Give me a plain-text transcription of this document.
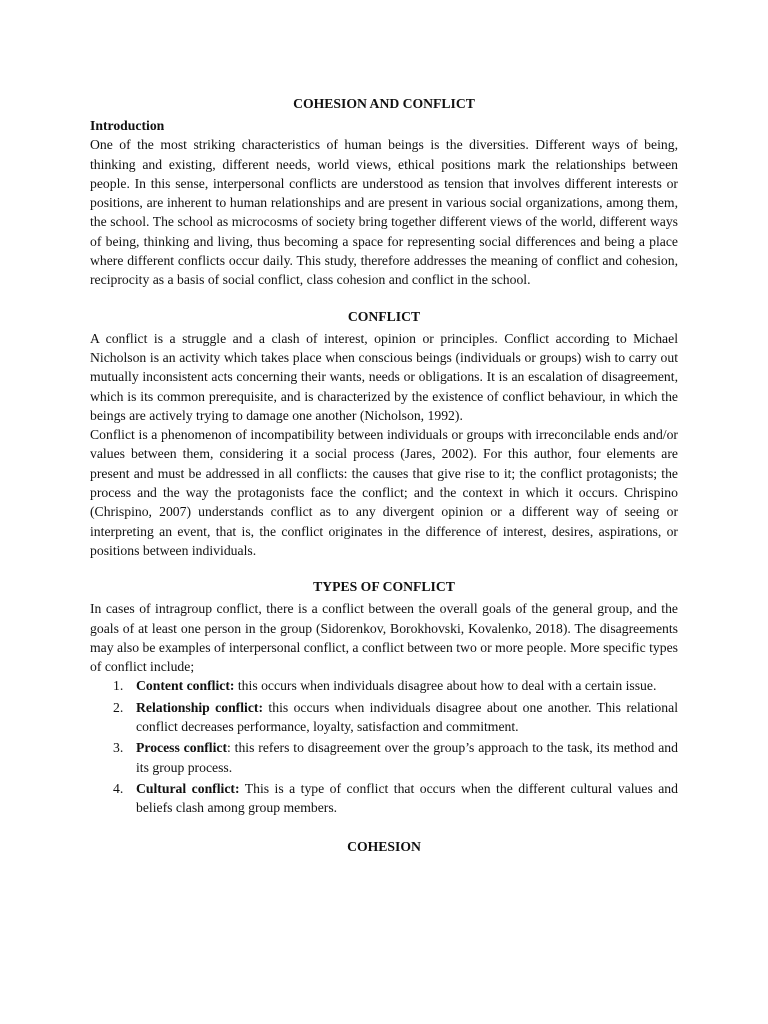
COHESION AND CONFLICT
Introduction

One of the most striking characteristics of human beings is the diversities. Different ways of being, thinking and existing, different needs, world views, ethical positions mark the relationships between people. In this sense, interpersonal conflicts are understood as tension that involves different interests or positions, are inherent to human relationships and are present in various social organizations, among them, the school. The school as microcosms of society bring together different views of the world, different ways of being, thinking and living, thus becoming a space for representing social differences and being a place where different conflicts occur daily. This study, therefore addresses the meaning of conflict and cohesion, reciprocity as a basis of social conflict, class cohesion and conflict in the school.

CONFLICT

A conflict is a struggle and a clash of interest, opinion or principles. Conflict according to Michael Nicholson is an activity which takes place when conscious beings (individuals or groups) wish to carry out mutually inconsistent acts concerning their wants, needs or obligations. It is an escalation of disagreement, which is its common prerequisite, and is characterized by the existence of conflict behaviour, in which the beings are actively trying to damage one another (Nicholson, 1992).

Conflict is a phenomenon of incompatibility between individuals or groups with irreconcilable ends and/or values between them, considering it a social process (Jares, 2002). For this author, four elements are present and must be addressed in all conflicts: the causes that give rise to it; the conflict protagonists; the process and the way the protagonists face the conflict; and the context in which it occurs. Chrispino (Chrispino, 2007) understands conflict as to any divergent opinion or a different way of seeing or interpreting an event, that is, the conflict originates in the difference of interest, desires, aspirations, or positions between individuals.

TYPES OF CONFLICT

In cases of intragroup conflict, there is a conflict between the overall goals of the general group, and the goals of at least one person in the group (Sidorenkov, Borokhovski, Kovalenko, 2018). The disagreements may also be examples of interpersonal conflict, a conflict between two or more people. More specific types of conflict include;

1. Content conflict: this occurs when individuals disagree about how to deal with a certain issue.
2. Relationship conflict: this occurs when individuals disagree about one another. This relational conflict decreases performance, loyalty, satisfaction and commitment.
3. Process conflict: this refers to disagreement over the group’s approach to the task, its method and its group process.
4. Cultural conflict: This is a type of conflict that occurs when the different cultural values and beliefs clash among group members.
COHESION
